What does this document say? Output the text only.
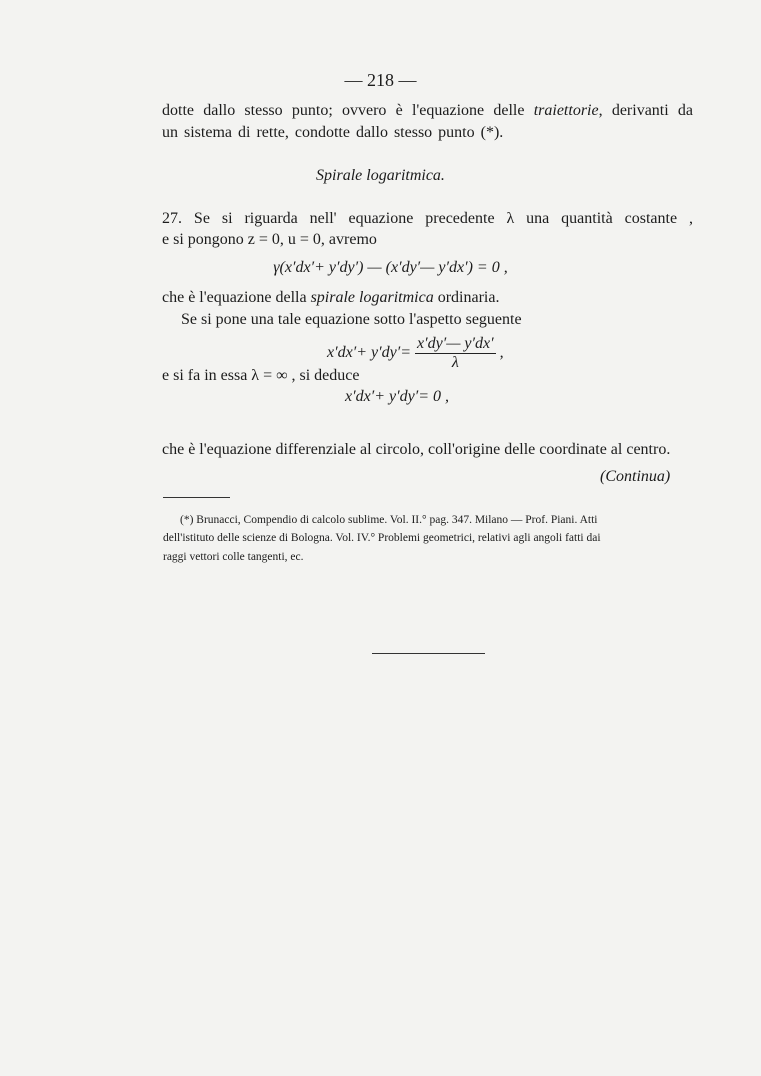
— 218 —
dotte dallo stesso punto; ovvero è l'equazione delle traiettorie, derivanti da
un sistema di rette, condotte dallo stesso punto (*).
Spirale logaritmica.
27. Se si riguarda nell' equazione precedente λ una quantità costante ,
e si pongono z = 0, u = 0, avremo
γ(x′dx′+ y′dy′) — (x′dy′— y′dx′) = 0 ,
che è l'equazione della spirale logaritmica ordinaria.
Se si pone una tale equazione sotto l'aspetto seguente
$x'dx'+ y'dy'= \frac{x'dy'— y'dx'}{\lambda}$ ,
e si fa in essa λ = ∞ , si deduce
x′dx′+ y′dy′= 0 ,
che è l'equazione differenziale al circolo, coll'origine delle coordinate al centro.
(Continua)
(*) Brunacci, Compendio di calcolo sublime. Vol. II.° pag. 347. Milano — Prof. Piani. Atti
dell'istituto delle scienze di Bologna. Vol. IV.° Problemi geometrici, relativi agli angoli fatti dai
raggi vettori colle tangenti, ec.
